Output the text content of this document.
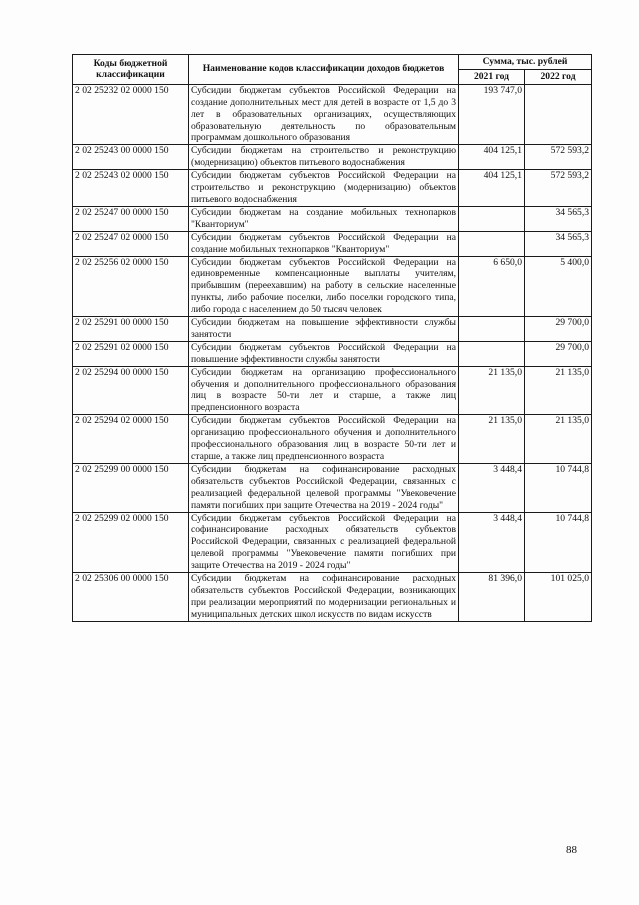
Коды бюджетной классификации	Наименование кодов классификации доходов бюджетов	Сумма, тыс. рублей	
		2021 год	2022 год
2 02 25232 02 0000 150	Субсидии бюджетам субъектов Российской Федерации на создание дополнительных мест для детей в возрасте от 1,5 до 3 лет в образовательных организациях, осуществляющих образовательную деятельность по образовательным программам дошкольного образования	193 747,0	
2 02 25243 00 0000 150	Субсидии бюджетам на строительство и реконструкцию (модернизацию) объектов питьевого водоснабжения	404 125,1	572 593,2
2 02 25243 02 0000 150	Субсидии бюджетам субъектов Российской Федерации на строительство и реконструкцию (модернизацию) объектов питьевого водоснабжения	404 125,1	572 593,2
2 02 25247 00 0000 150	Субсидии бюджетам на создание мобильных технопарков "Кванториум"		34 565,3
2 02 25247 02 0000 150	Субсидии бюджетам субъектов Российской Федерации на создание мобильных технопарков "Кванториум"		34 565,3
2 02 25256 02 0000 150	Субсидии бюджетам субъектов Российской Федерации на единовременные компенсационные выплаты учителям, прибывшим (переехавшим) на работу в сельские населенные пункты, либо рабочие поселки, либо поселки городского типа, либо города с населением до 50 тысяч человек	6 650,0	5 400,0
2 02 25291 00 0000 150	Субсидии бюджетам на повышение эффективности службы занятости		29 700,0
2 02 25291 02 0000 150	Субсидии бюджетам субъектов Российской Федерации на повышение эффективности службы занятости		29 700,0
2 02 25294 00 0000 150	Субсидии бюджетам на организацию профессионального обучения и дополнительного профессионального образования лиц в возрасте 50-ти лет и старше, а также лиц предпенсионного возраста	21 135,0	21 135,0
2 02 25294 02 0000 150	Субсидии бюджетам субъектов Российской Федерации на организацию профессионального обучения и дополнительного профессионального образования лиц в возрасте 50-ти лет и старше, а также лиц предпенсионного возраста	21 135,0	21 135,0
2 02 25299 00 0000 150	Субсидии бюджетам на софинансирование расходных обязательств субъектов Российской Федерации, связанных с реализацией федеральной целевой программы "Увековечение памяти погибших при защите Отечества на 2019 - 2024 годы"	3 448,4	10 744,8
2 02 25299 02 0000 150	Субсидии бюджетам субъектов Российской Федерации на софинансирование расходных обязательств субъектов Российской Федерации, связанных с реализацией федеральной целевой программы "Увековечение памяти погибших при защите Отечества на 2019 - 2024 годы"	3 448,4	10 744,8
2 02 25306 00 0000 150	Субсидии бюджетам на софинансирование расходных обязательств субъектов Российской Федерации, возникающих при реализации мероприятий по модернизации региональных и муниципальных детских школ искусств по видам искусств	81 396,0	101 025,0
88
